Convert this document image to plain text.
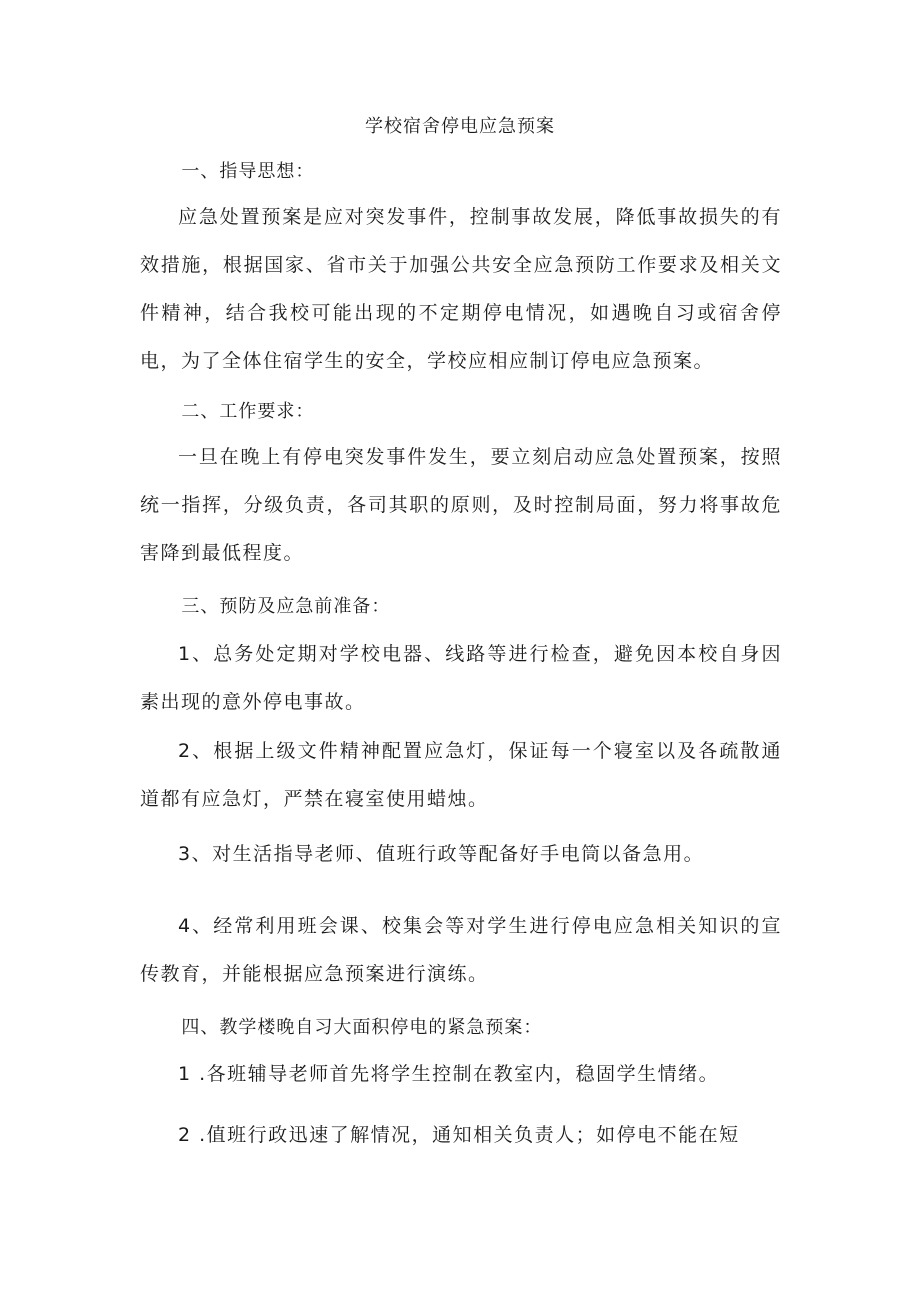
学校宿舍停电应急预案
一、指导思想：
应急处置预案是应对突发事件，控制事故发展，降低事故损失的有效措施，根据国家、省市关于加强公共安全应急预防工作要求及相关文件精神，结合我校可能出现的不定期停电情况，如遇晚自习或宿舍停电，为了全体住宿学生的安全，学校应相应制订停电应急预案。
二、工作要求：
一旦在晚上有停电突发事件发生，要立刻启动应急处置预案，按照统一指挥，分级负责，各司其职的原则，及时控制局面，努力将事故危害降到最低程度。
三、预防及应急前准备：
1、总务处定期对学校电器、线路等进行检查，避免因本校自身因素出现的意外停电事故。
2、根据上级文件精神配置应急灯，保证每一个寝室以及各疏散通道都有应急灯，严禁在寝室使用蜡烛。
3、对生活指导老师、值班行政等配备好手电筒以备急用。
4、经常利用班会课、校集会等对学生进行停电应急相关知识的宣传教育，并能根据应急预案进行演练。
四、教学楼晚自习大面积停电的紧急预案：
1 .各班辅导老师首先将学生控制在教室内，稳固学生情绪。
2 .值班行政迅速了解情况，通知相关负责人；如停电不能在短
